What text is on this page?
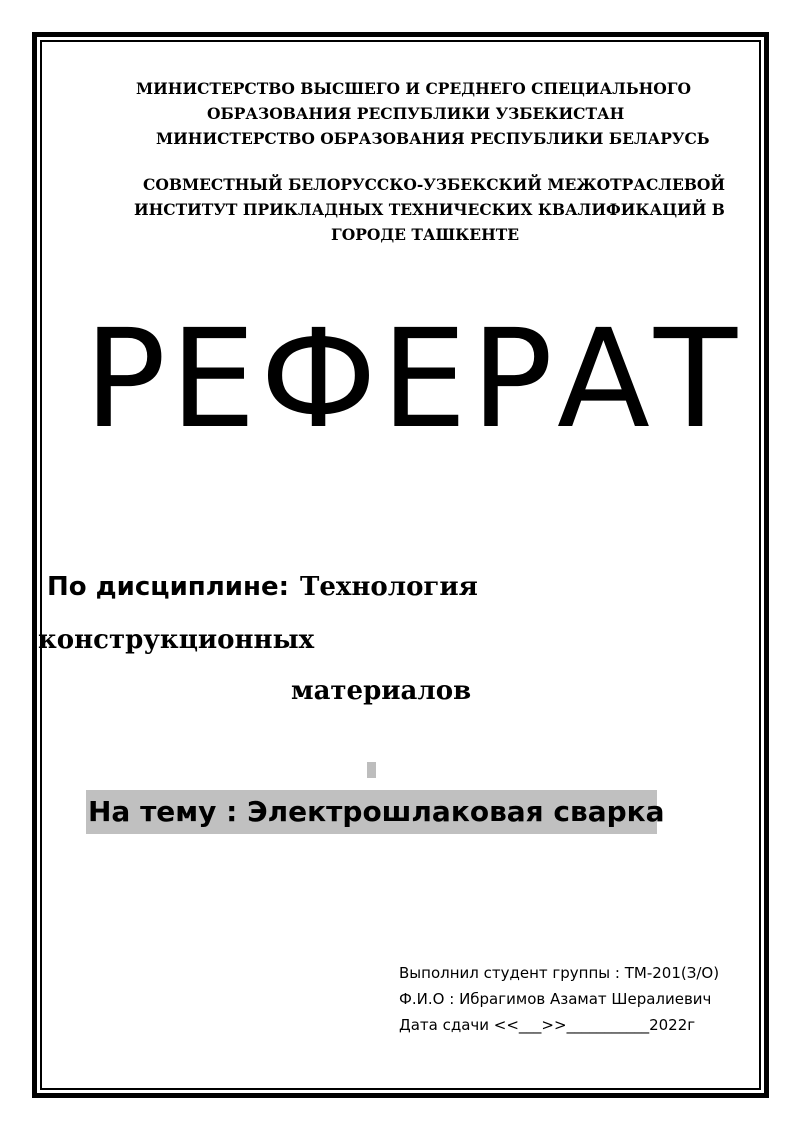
МИНИСТЕРСТВО ВЫСШЕГО И СРЕДНЕГО СПЕЦИАЛЬНОГО
ОБРАЗОВАНИЯ РЕСПУБЛИКИ УЗБЕКИСТАН
МИНИСТЕРСТВО ОБРАЗОВАНИЯ РЕСПУБЛИКИ БЕЛАРУСЬ
СОВМЕСТНЫЙ БЕЛОРУССКО-УЗБЕКСКИЙ МЕЖОТРАСЛЕВОЙ
ИНСТИТУТ ПРИКЛАДНЫХ ТЕХНИЧЕСКИХ КВАЛИФИКАЦИЙ В
ГОРОДЕ ТАШКЕНТЕ
РЕФЕРАТ
По дисциплине: Технология
конструкционных
материалов
На тему : Электрошлаковая сварка
Выполнил студент группы : ТМ-201(З/О)
Ф.И.О : Ибрагимов Азамат Шералиевич
Дата сдачи <<___>>___________2022г
